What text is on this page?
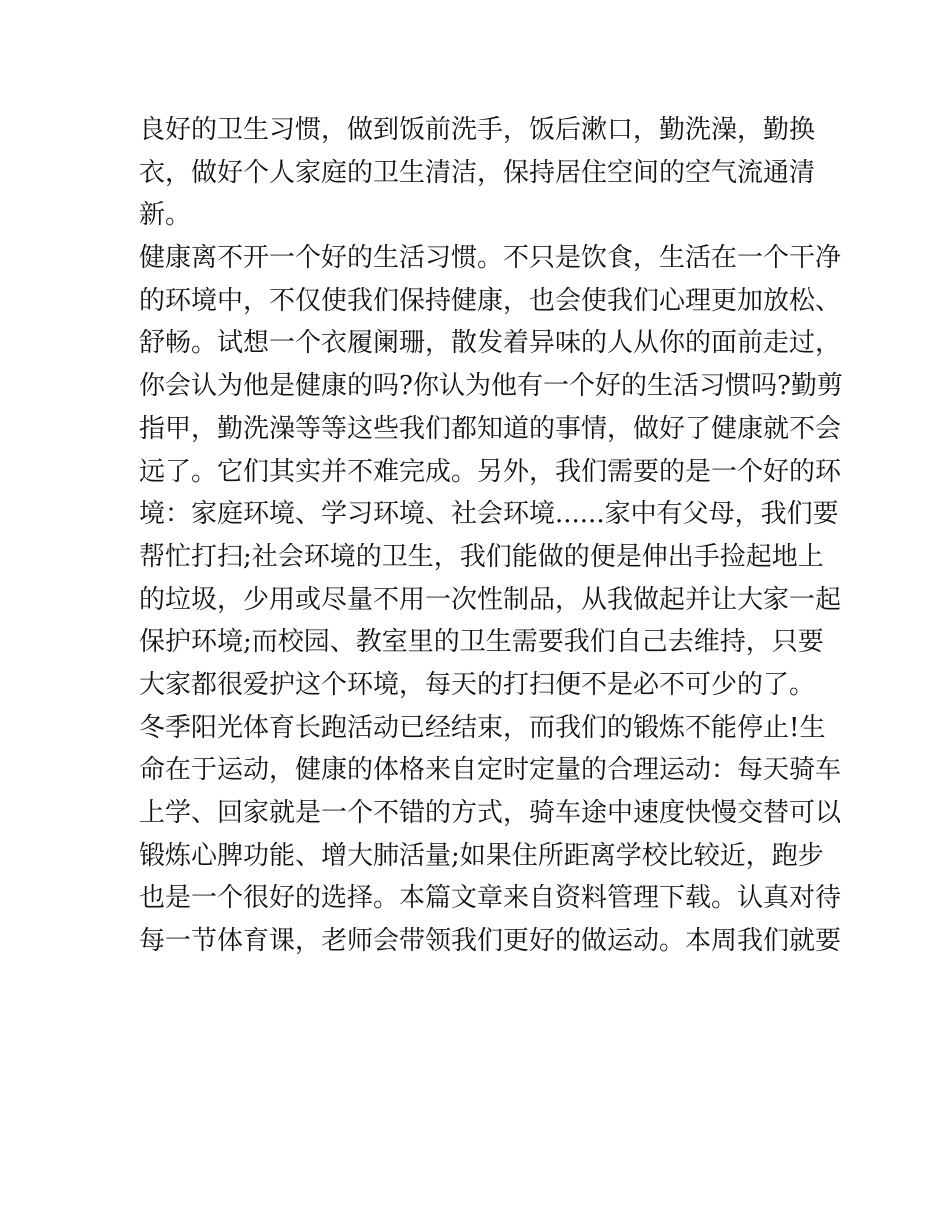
良好的卫生习惯，做到饭前洗手，饭后漱口，勤洗澡，勤换
衣，做好个人家庭的卫生清洁，保持居住空间的空气流通清
新。
健康离不开一个好的生活习惯。不只是饮食，生活在一个干净
的环境中，不仅使我们保持健康，也会使我们心理更加放松、
舒畅。试想一个衣履阑珊，散发着异味的人从你的面前走过，
你会认为他是健康的吗?你认为他有一个好的生活习惯吗?勤剪
指甲，勤洗澡等等这些我们都知道的事情，做好了健康就不会
远了。它们其实并不难完成。另外，我们需要的是一个好的环
境：家庭环境、学习环境、社会环境......家中有父母，我们要
帮忙打扫;社会环境的卫生，我们能做的便是伸出手捡起地上
的垃圾，少用或尽量不用一次性制品，从我做起并让大家一起
保护环境;而校园、教室里的卫生需要我们自己去维持，只要
大家都很爱护这个环境，每天的打扫便不是必不可少的了。
冬季阳光体育长跑活动已经结束，而我们的锻炼不能停止!生
命在于运动，健康的体格来自定时定量的合理运动：每天骑车
上学、回家就是一个不错的方式，骑车途中速度快慢交替可以
锻炼心脾功能、增大肺活量;如果住所距离学校比较近，跑步
也是一个很好的选择。本篇文章来自资料管理下载。认真对待
每一节体育课，老师会带领我们更好的做运动。本周我们就要
